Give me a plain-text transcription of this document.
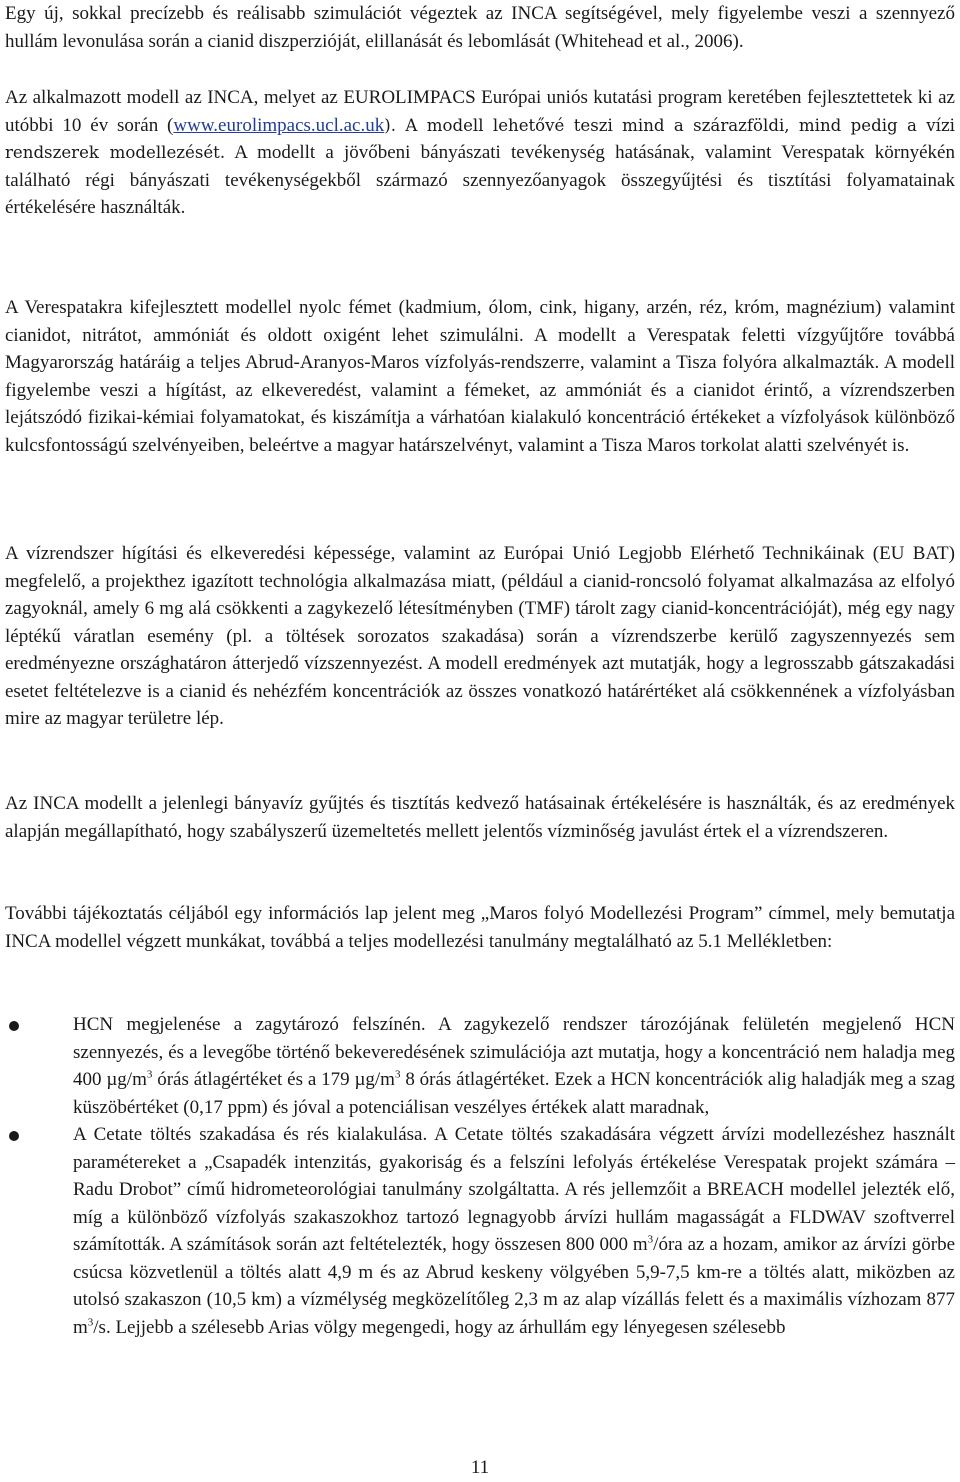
Egy új, sokkal precízebb és reálisabb szimulációt végeztek az INCA segítségével, mely figyelembe veszi a szennyező hullám levonulása során a cianid diszperzióját, elillanását és lebomlását (Whitehead et al., 2006).

Az alkalmazott modell az INCA, melyet az EUROLIMPACS Európai uniós kutatási program keretében fejlesztettetek ki az utóbbi 10 év során (www.eurolimpacs.ucl.ac.uk). A modell lehetővé teszi mind a szárazföldi, mind pedig a vízi rendszerek modellezését. A modellt a jövőbeni bányászati tevékenység hatásának, valamint Verespatak környékén található régi bányászati tevékenységekből származó szennyezőanyagok összegyűjtési és tisztítási folyamatainak értékelésére használták.

A Verespatakra kifejlesztett modellel nyolc fémet (kadmium, ólom, cink, higany, arzén, réz, króm, magnézium) valamint cianidot, nitrátot, ammóniát és oldott oxigént lehet szimulálni. A modellt a Verespatak feletti vízgyűjtőre továbbá Magyarország határáig a teljes Abrud-Aranyos-Maros vízfolyás-rendszerre, valamint a Tisza folyóra alkalmazták. A modell figyelembe veszi a hígítást, az elkeveredést, valamint a fémeket, az ammóniát és a cianidot érintő, a vízrendszerben lejátszódó fizikai-kémiai folyamatokat, és kiszámítja a várhatóan kialakuló koncentráció értékeket a vízfolyások különböző kulcsfontosságú szelvényeiben, beleértve a magyar határszelvényt, valamint a Tisza Maros torkolat alatti szelvényét is.

A vízrendszer hígítási és elkeveredési képessége, valamint az Európai Unió Legjobb Elérhető Technikáinak (EU BAT) megfelelő, a projekthez igazított technológia alkalmazása miatt, (például a cianid-roncsoló folyamat alkalmazása az elfolyó zagyoknál, amely 6 mg alá csökkenti a zagykezelő létesítményben (TMF) tárolt zagy cianid-koncentrációját), még egy nagy léptékű váratlan esemény (pl. a töltések sorozatos szakadása) során a vízrendszerbe kerülő zagyszennyezés sem eredményezne országhatáron átterjedő vízszennyezést. A modell eredmények azt mutatják, hogy a legrosszabb gátszakadási esetet feltételezve is a cianid és nehézfém koncentrációk az összes vonatkozó határértéket alá csökkennének a vízfolyásban mire az magyar területre lép.

Az INCA modellt a jelenlegi bányavíz gyűjtés és tisztítás kedvező hatásainak értékelésére is használták, és az eredmények alapján megállapítható, hogy szabályszerű üzemeltetés mellett jelentős vízminőség javulást értek el a vízrendszeren.

További tájékoztatás céljából egy információs lap jelent meg „Maros folyó Modellezési Program” címmel, mely bemutatja INCA modellel végzett munkákat, továbbá a teljes modellezési tanulmány megtalálható az 5.1 Mellékletben:

HCN megjelenése a zagytározó felszínén. A zagykezelő rendszer tározójának felületén megjelenő HCN szennyezés, és a levegőbe történő bekeveredésének szimulációja azt mutatja, hogy a koncentráció nem haladja meg 400 $\mu g/m^3$ órás átlagértéket és a 179 $\mu g/m^3$ 8 órás átlagértéket. Ezek a HCN koncentrációk alig haladják meg a szag küszöbértéket (0,17 ppm) és jóval a potenciálisan veszélyes értékek alatt maradnak,
A Cetate töltés szakadása és rés kialakulása. A Cetate töltés szakadására végzett árvízi modellezéshez használt paramétereket a „Csapadék intenzitás, gyakoriság és a felszíni lefolyás értékelése Verespatak projekt számára – Radu Drobot” című hidrometeorológiai tanulmány szolgáltatta. A rés jellemzőit a BREACH modellel jelezték elő, míg a különböző vízfolyás szakaszokhoz tartozó legnagyobb árvízi hullám magasságát a FLDWAV szoftverrel számították. A számítások során azt feltételezték, hogy összesen 800 000 $m^3$/óra az a hozam, amikor az árvízi görbe csúcsa közvetlenül a töltés alatt 4,9 m és az Abrud keskeny völgyében 5,9-7,5 km-re a töltés alatt, miközben az utolsó szakaszon (10,5 km) a vízmélység megközelítőleg 2,3 m az alap vízállás felett és a maximális vízhozam 877 $m^3/s$. Lejjebb a szélesebb Arias völgy megengedi, hogy az árhullám egy lényegesen szélesebb
11
